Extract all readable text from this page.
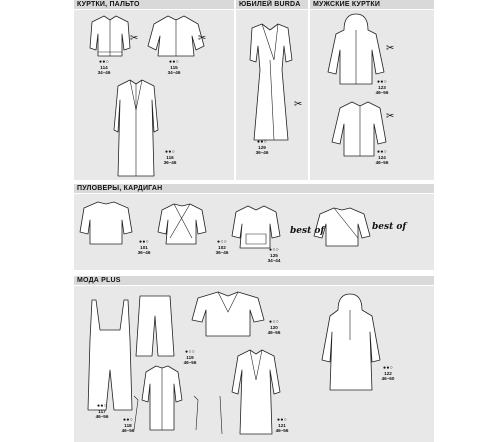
КУРТКИ, ПАЛЬТО	ЮБИЛЕЙ BURDA МУЖСКИЕ КУРТКИ
ПУЛОВЕРЫ, КАРДИГАН
МОДА PLUS
✂	✂
✂
✂
✂
best of	best of
●●○
114
34–46
●●○
115
34–46
●●○
116
36–46
●●○
129
36–46
●●○
123
46–56
●●○
124
46–56
●●○
101
36–46
●○○
102
36–46	●○○
125
34–44
●○○
120
46–56
●○○
119
46–56
●●○
122
46–60
●●○
117
46–56
●●○
118
46–56
●●○
121
46–56
